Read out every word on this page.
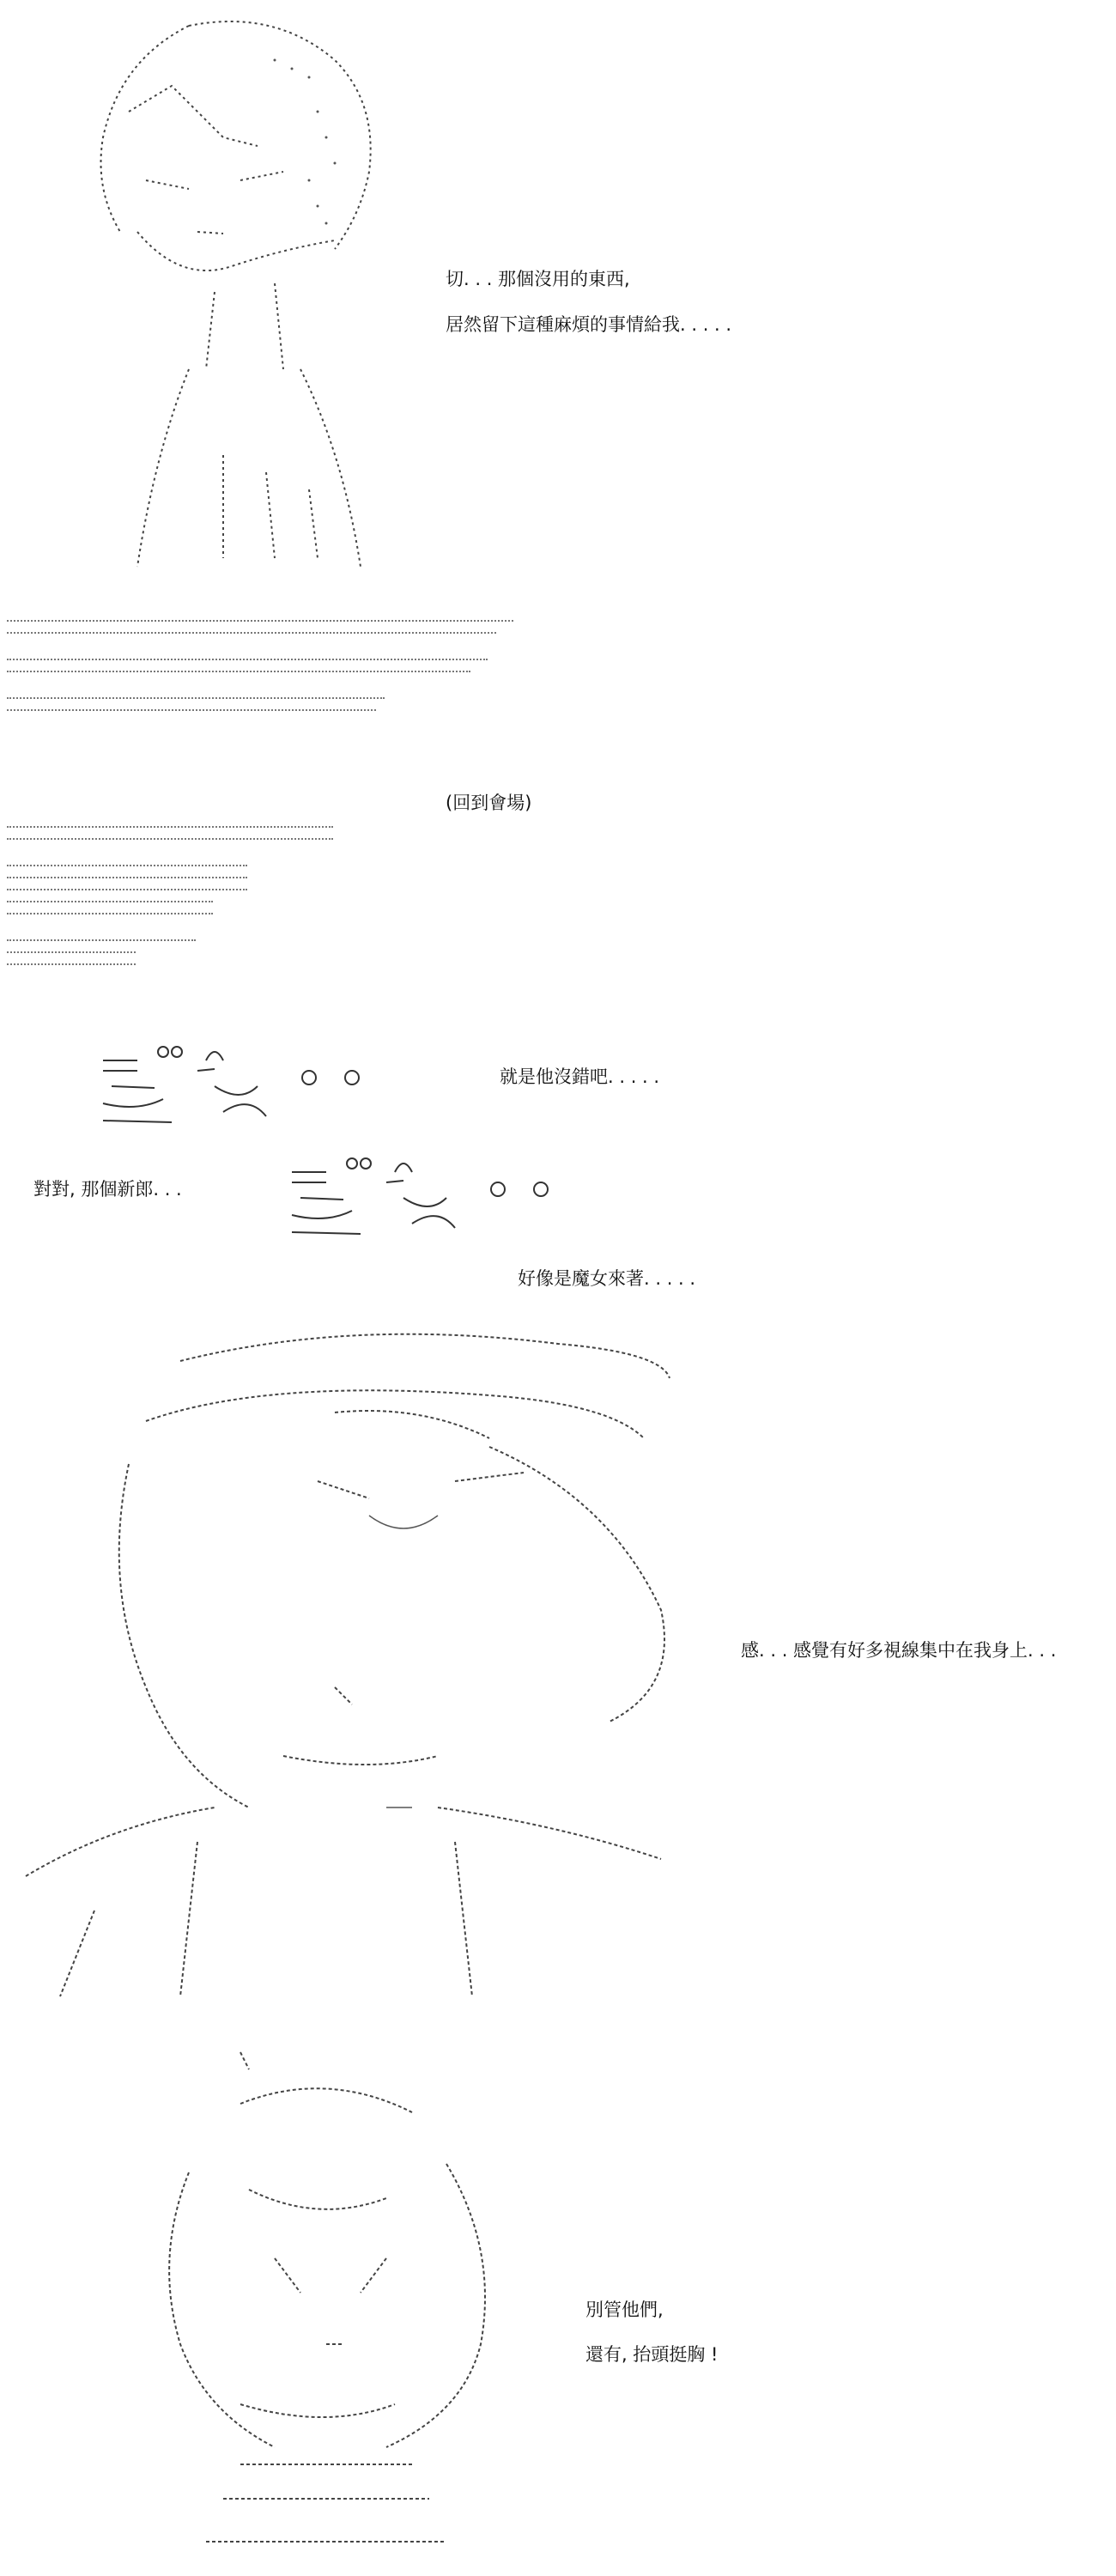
切. . . 那個沒用的東西,
居然留下這種麻煩的事情給我. . . . .
(回到會場)
就是他沒錯吧. . . . .
對對, 那個新郎. . .
好像是魔女來著. . . . .
感. . . 感覺有好多視線集中在我身上. . .
別管他們,
還有, 抬頭挺胸 !
